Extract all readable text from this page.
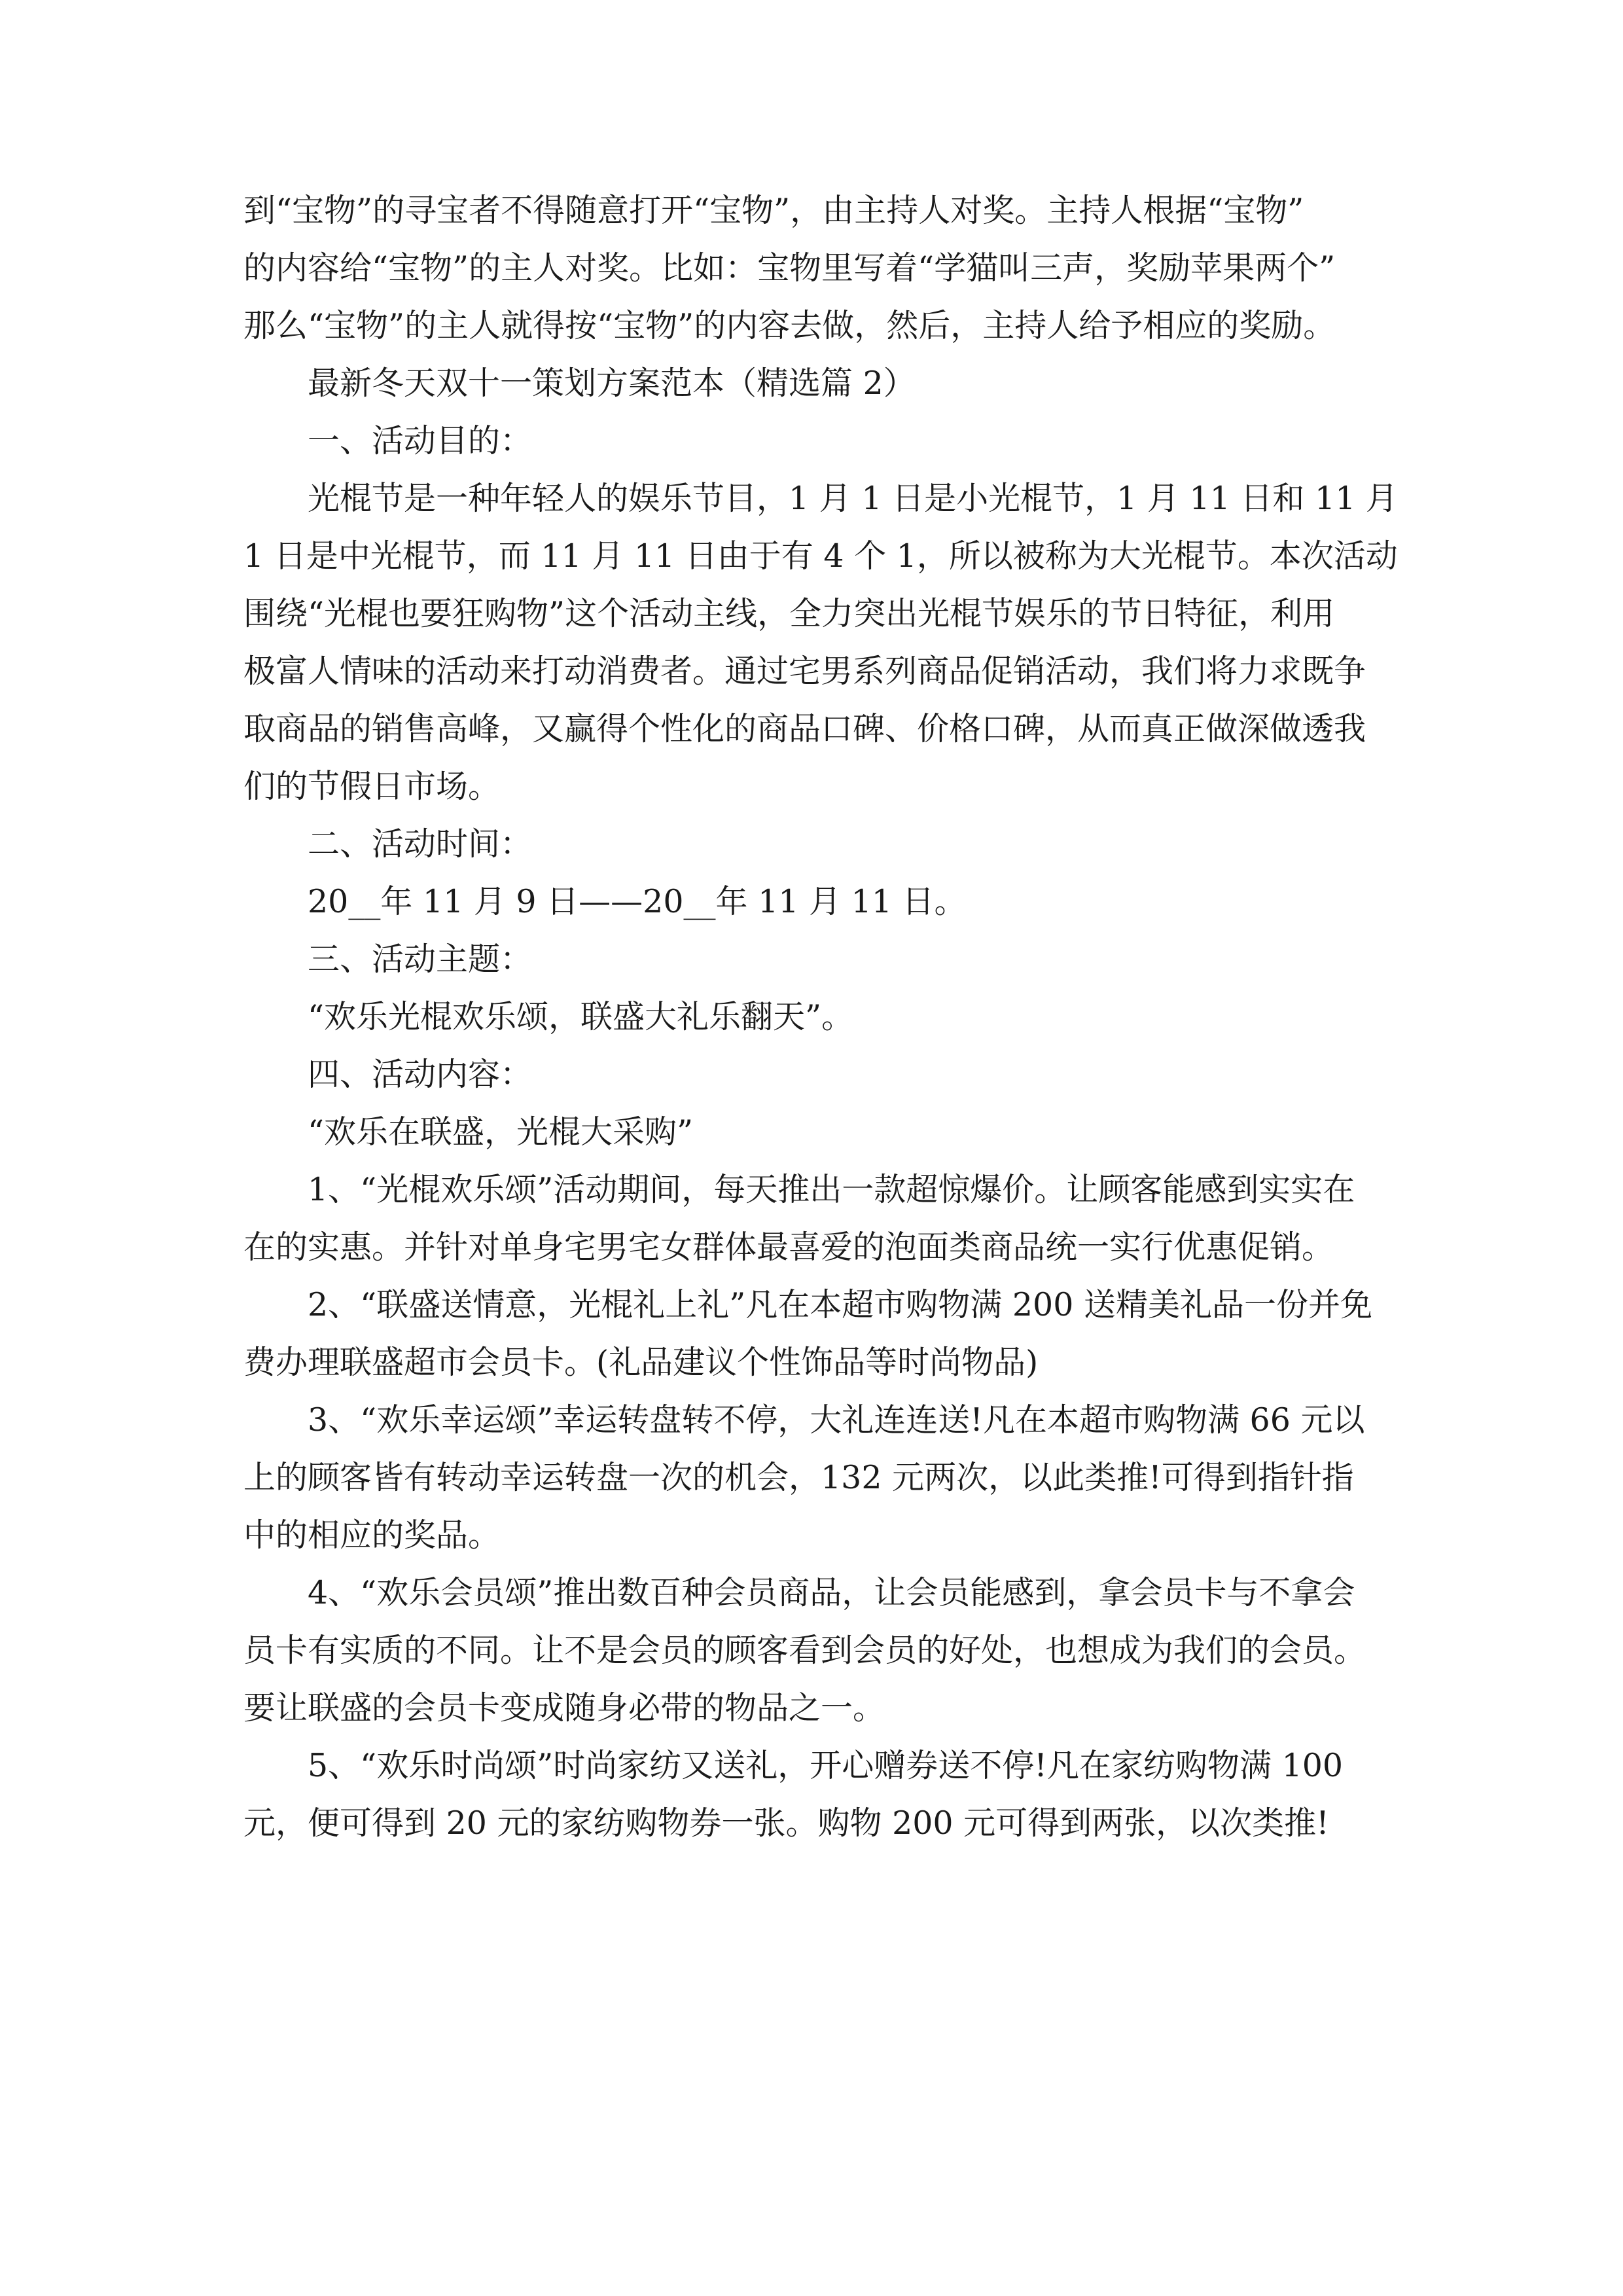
到“宝物”的寻宝者不得随意打开“宝物”，由主持人对奖。主持人根据“宝物”
的内容给“宝物”的主人对奖。比如：宝物里写着“学猫叫三声，奖励苹果两个”
那么“宝物”的主人就得按“宝物”的内容去做，然后，主持人给予相应的奖励。

最新冬天双十一策划方案范本（精选篇 2）

一、活动目的：

光棍节是一种年轻人的娱乐节目，1 月 1 日是小光棍节，1 月 11 日和 11 月
1 日是中光棍节，而 11 月 11 日由于有 4 个 1，所以被称为大光棍节。本次活动
围绕“光棍也要狂购物”这个活动主线，全力突出光棍节娱乐的节日特征，利用
极富人情味的活动来打动消费者。通过宅男系列商品促销活动，我们将力求既争
取商品的销售高峰，又赢得个性化的商品口碑、价格口碑，从而真正做深做透我
们的节假日市场。

二、活动时间：

20__年 11 月 9 日——20__年 11 月 11 日。

三、活动主题：

“欢乐光棍欢乐颂，联盛大礼乐翻天”。

四、活动内容：

“欢乐在联盛，光棍大采购”

1、“光棍欢乐颂”活动期间，每天推出一款超惊爆价。让顾客能感到实实在
在的实惠。并针对单身宅男宅女群体最喜爱的泡面类商品统一实行优惠促销。

2、“联盛送情意，光棍礼上礼”凡在本超市购物满 200 送精美礼品一份并免
费办理联盛超市会员卡。(礼品建议个性饰品等时尚物品)

3、“欢乐幸运颂”幸运转盘转不停，大礼连连送!凡在本超市购物满 66 元以
上的顾客皆有转动幸运转盘一次的机会，132 元两次，以此类推!可得到指针指
中的相应的奖品。

4、“欢乐会员颂”推出数百种会员商品，让会员能感到，拿会员卡与不拿会
员卡有实质的不同。让不是会员的顾客看到会员的好处，也想成为我们的会员。
要让联盛的会员卡变成随身必带的物品之一。

5、“欢乐时尚颂”时尚家纺又送礼，开心赠券送不停!凡在家纺购物满 100
元，便可得到 20 元的家纺购物券一张。购物 200 元可得到两张，以次类推!
